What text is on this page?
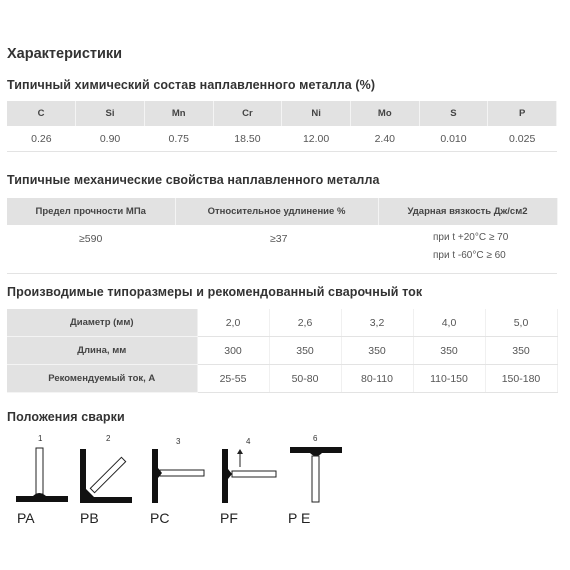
Характеристики
Типичный химический состав наплавленного металла (%)
C	Si	Mn	Cr	Ni	Mo	S	P
0.26	0.90	0.75	18.50	12.00	2.40	0.010	0.025
Типичные механические свойства наплавленного металла
Предел прочности МПа	Относительное удлинение %	Ударная вязкость Дж/см2
≥590	≥37	при t +20°C ≥ 70
при t -60°C ≥ 60
Производимые типоразмеры и рекомендованный сварочный ток
Диаметр (мм)	2,0	2,6	3,2	4,0	5,0
Длина, мм	300	350	350	350	350
Рекомендуемый ток, А	25-55	50-80	80-110	110-150	150-180
Положения сварки
1
PA
2
PB
3
PC
4
PF
6
P E
